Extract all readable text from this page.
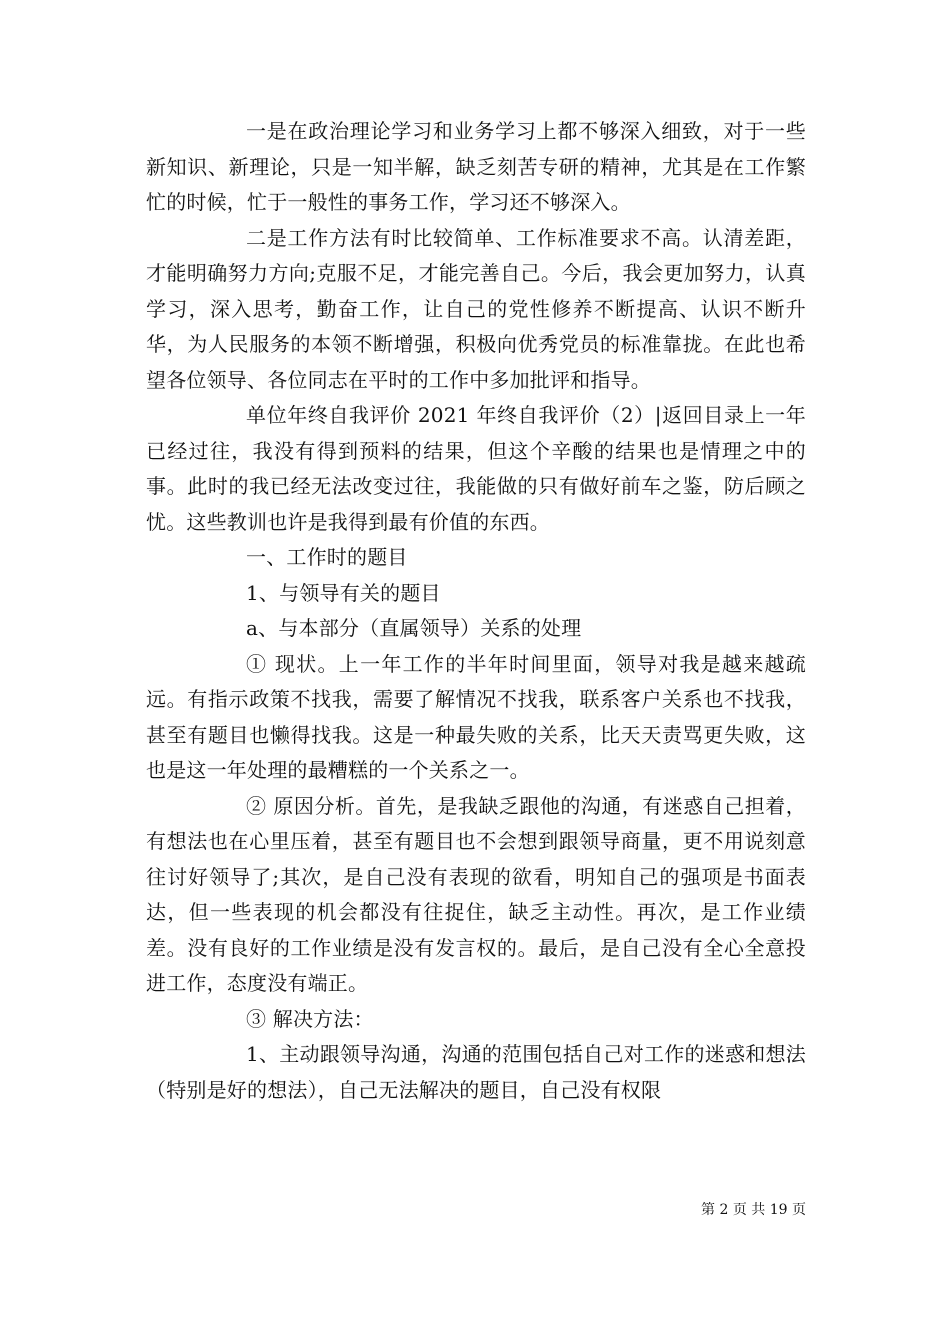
一是在政治理论学习和业务学习上都不够深入细致，对于一些新知识、新理论，只是一知半解，缺乏刻苦专研的精神，尤其是在工作繁忙的时候，忙于一般性的事务工作，学习还不够深入。

二是工作方法有时比较简单、工作标准要求不高。认清差距，才能明确努力方向;克服不足，才能完善自己。今后，我会更加努力，认真学习，深入思考，勤奋工作，让自己的党性修养不断提高、认识不断升华，为人民服务的本领不断增强，积极向优秀党员的标准靠拢。在此也希望各位领导、各位同志在平时的工作中多加批评和指导。

单位年终自我评价 2021 年终自我评价（2）|返回目录上一年已经过往，我没有得到预料的结果，但这个辛酸的结果也是情理之中的事。此时的我已经无法改变过往，我能做的只有做好前车之鉴，防后顾之忧。这些教训也许是我得到最有价值的东西。

一、工作时的题目

1、与领导有关的题目

a、与本部分（直属领导）关系的处理

① 现状。上一年工作的半年时间里面，领导对我是越来越疏远。有指示政策不找我，需要了解情况不找我，联系客户关系也不找我，甚至有题目也懒得找我。这是一种最失败的关系，比天天责骂更失败，这也是这一年处理的最糟糕的一个关系之一。

② 原因分析。首先，是我缺乏跟他的沟通，有迷惑自己担着，有想法也在心里压着，甚至有题目也不会想到跟领导商量，更不用说刻意往讨好领导了;其次，是自己没有表现的欲看，明知自己的强项是书面表达，但一些表现的机会都没有往捉住，缺乏主动性。再次，是工作业绩差。没有良好的工作业绩是没有发言权的。最后，是自己没有全心全意投进工作，态度没有端正。

③ 解决方法：

1、主动跟领导沟通，沟通的范围包括自己对工作的迷惑和想法（特别是好的想法），自己无法解决的题目，自己没有权限

第 2 页 共 19 页
